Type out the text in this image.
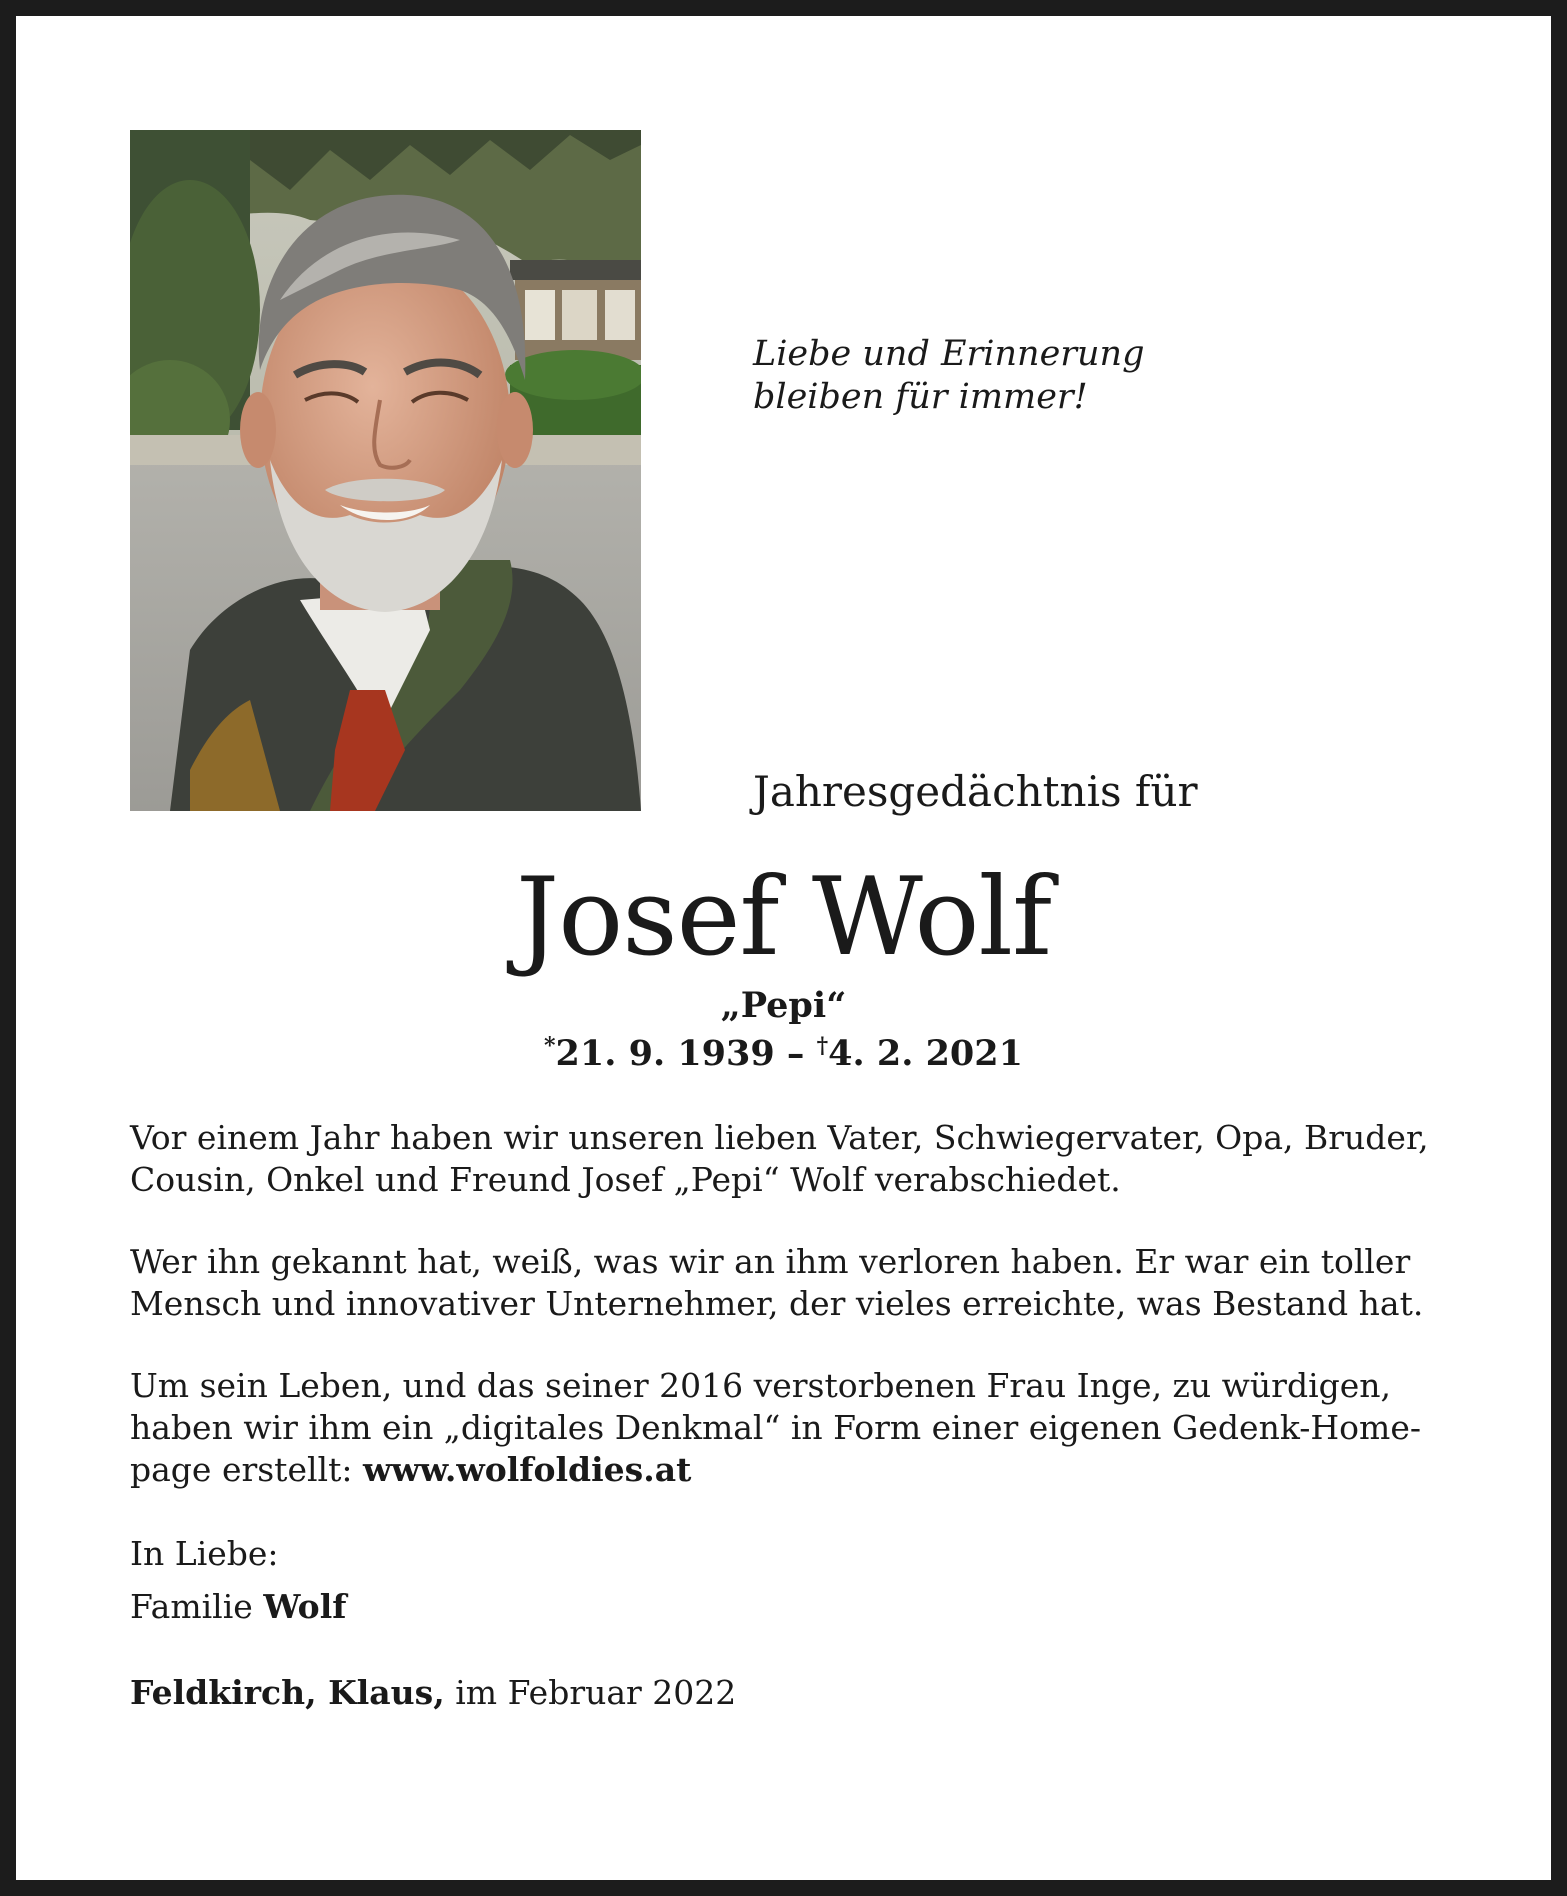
Liebe und Erinnerung
bleiben für immer!
Jahresgedächtnis für
Josef Wolf
„Pepi“
*21. 9. 1939 – †4. 2. 2021
Vor einem Jahr haben wir unseren lieben Vater, Schwiegervater, Opa, Bruder,
Cousin, Onkel und Freund Josef „Pepi“ Wolf verabschiedet.
Wer ihn gekannt hat, weiß, was wir an ihm verloren haben. Er war ein toller
Mensch und innovativer Unternehmer, der vieles erreichte, was Bestand hat.
Um sein Leben, und das seiner 2016 verstorbenen Frau Inge, zu würdigen,
haben wir ihm ein „digitales Denkmal“ in Form einer eigenen Gedenk-Home-
page erstellt: www.wolfoldies.at
In Liebe:
Familie Wolf
Feldkirch, Klaus, im Februar 2022
